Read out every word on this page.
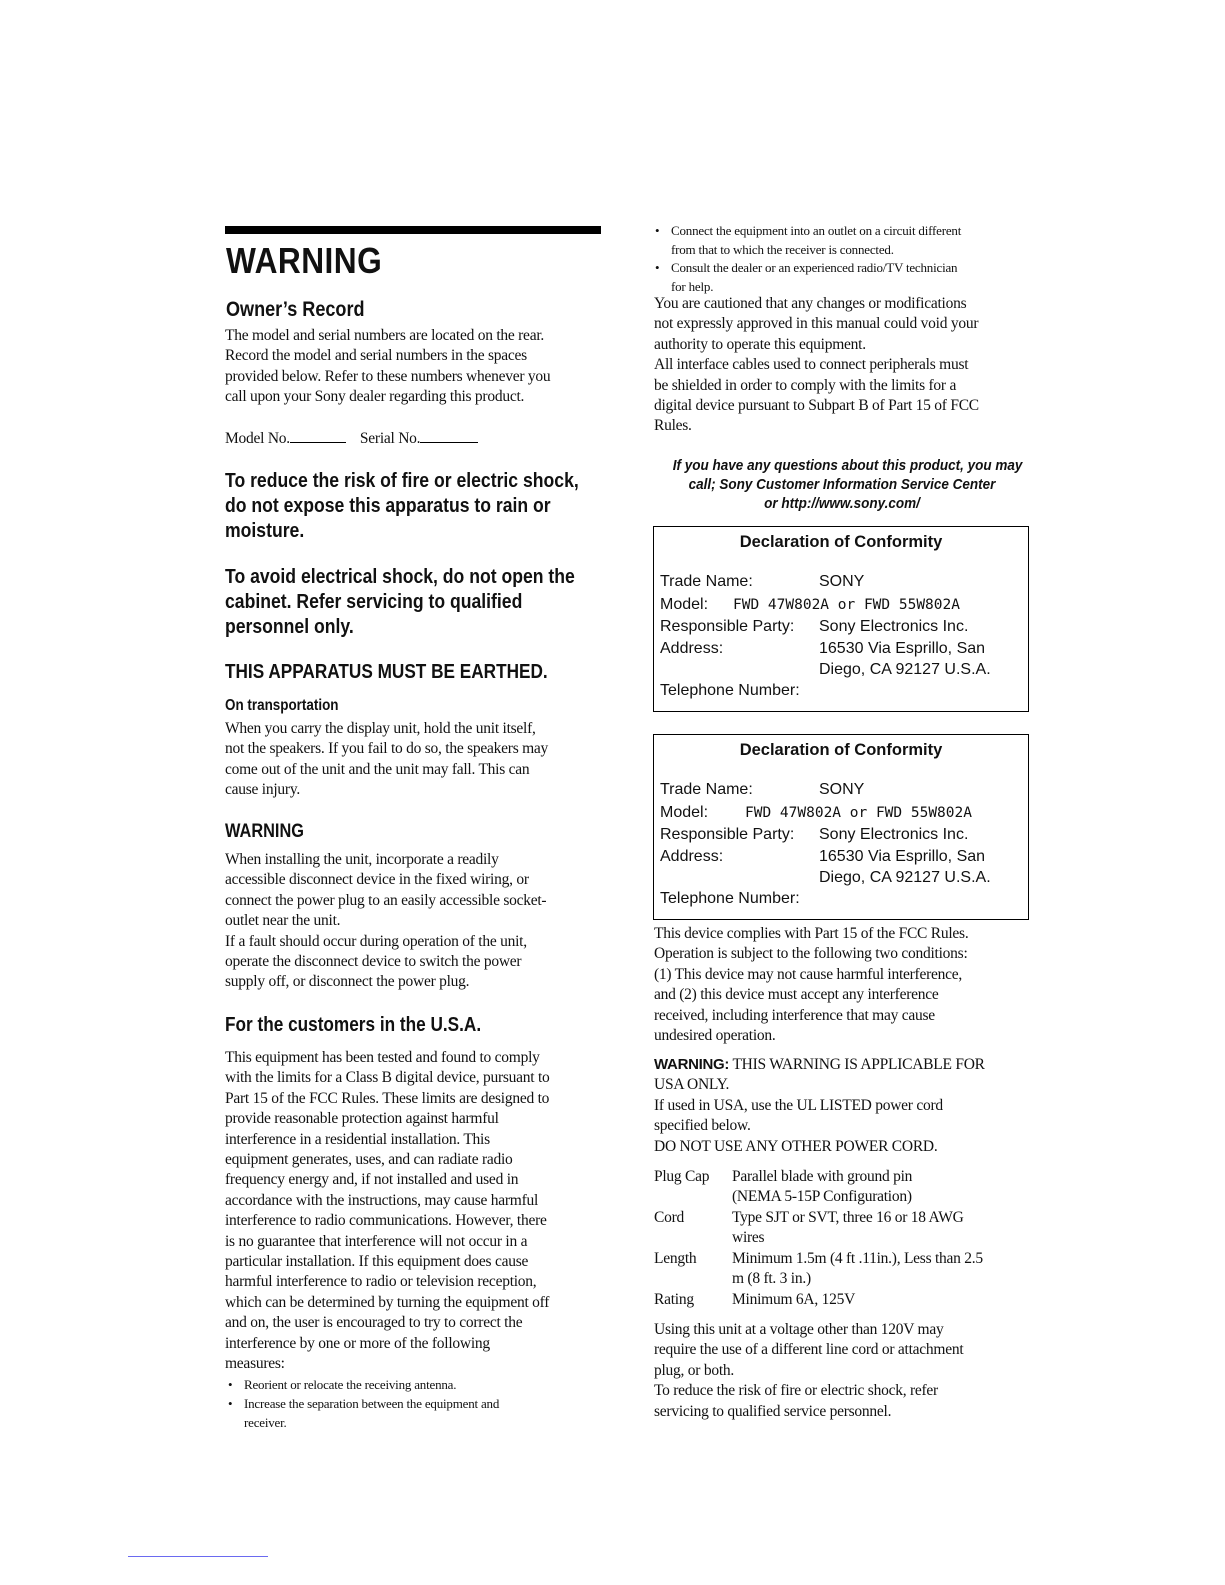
WARNING
Owner’s Record
The model and serial numbers are located on the rear.
Record the model and serial numbers in the spaces
provided below. Refer to these numbers whenever you
call upon your Sony dealer regarding this product.
Model No.	Serial No.
To reduce the risk of fire or electric shock,
do not expose this apparatus to rain or
moisture.
To avoid electrical shock, do not open the
cabinet. Refer servicing to qualified
personnel only.
THIS APPARATUS MUST BE EARTHED.
On transportation
When you carry the display unit, hold the unit itself,
not the speakers. If you fail to do so, the speakers may
come out of the unit and the unit may fall. This can
cause injury.
WARNING
When installing the unit, incorporate a readily
accessible disconnect device in the fixed wiring, or
connect the power plug to an easily accessible socket-
outlet near the unit.
If a fault should occur during operation of the unit,
operate the disconnect device to switch the power
supply off, or disconnect the power plug.
For the customers in the U.S.A.
This equipment has been tested and found to comply
with the limits for a Class B digital device, pursuant to
Part 15 of the FCC Rules. These limits are designed to
provide reasonable protection against harmful
interference in a residential installation. This
equipment generates, uses, and can radiate radio
frequency energy and, if not installed and used in
accordance with the instructions, may cause harmful
interference to radio communications. However, there
is no guarantee that interference will not occur in a
particular installation. If this equipment does cause
harmful interference to radio or television reception,
which can be determined by turning the equipment off
and on, the user is encouraged to try to correct the
interference by one or more of the following
measures:
• Reorient or relocate the receiving antenna.
• Increase the separation between the equipment and
receiver.
• Connect the equipment into an outlet on a circuit different
from that to which the receiver is connected.
• Consult the dealer or an experienced radio/TV technician
for help.
You are cautioned that any changes or modifications
not expressly approved in this manual could void your
authority to operate this equipment.
All interface cables used to connect peripherals must
be shielded in order to comply with the limits for a
digital device pursuant to Subpart B of Part 15 of FCC
Rules.
If you have any questions about this product, you may
call; Sony Customer Information Service Center
or http://www.sony.com/
Declaration of Conformity
Trade Name:	SONY
Model: FWD 47W802A or FWD 55W802A
Responsible Party: Sony Electronics Inc.
Address:	16530 Via Esprillo, San
Diego, CA 92127 U.S.A.
Telephone Number:
Declaration of Conformity
Trade Name:	SONY
Model:	FWD 47W802A or FWD 55W802A
Responsible Party: Sony Electronics Inc.
Address:	16530 Via Esprillo, San
Diego, CA 92127 U.S.A.
Telephone Number:
This device complies with Part 15 of the FCC Rules.
Operation is subject to the following two conditions:
(1) This device may not cause harmful interference,
and (2) this device must accept any interference
received, including interference that may cause
undesired operation.
WARNING: THIS WARNING IS APPLICABLE FOR
USA ONLY.
If used in USA, use the UL LISTED power cord
specified below.
DO NOT USE ANY OTHER POWER CORD.
Plug Cap Parallel blade with ground pin
(NEMA 5-15P Configuration)
Cord	Type SJT or SVT, three 16 or 18 AWG
wires
Length Minimum 1.5m (4 ft .11in.), Less than 2.5
m (8 ft. 3 in.)
Rating Minimum 6A, 125V
Using this unit at a voltage other than 120V may
require the use of a different line cord or attachment
plug, or both.
To reduce the risk of fire or electric shock, refer
servicing to qualified service personnel.
